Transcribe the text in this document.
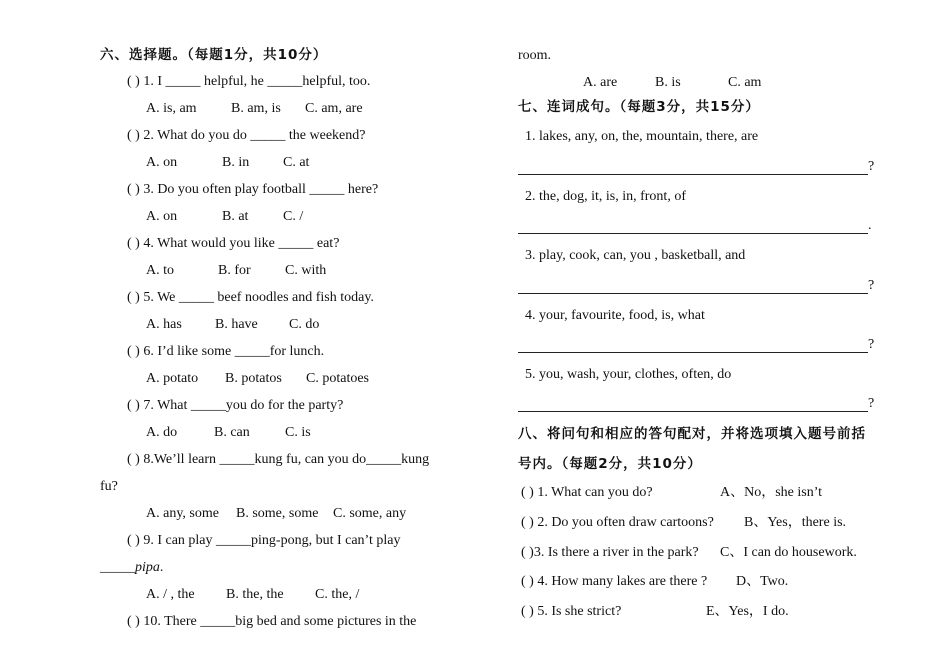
六、选择题。（每题1分，共10分）
( ) 1. I _____ helpful, he _____helpful, too.
A. is, am B. am, is C. am, are
( ) 2. What do you do _____ the weekend?
A. on	B. in C. at
( ) 3. Do you often play football _____ here?
A. on	B. at C. /
( ) 4. What would you like _____ eat?
A. to	B. for C. with
( ) 5. We _____ beef noodles and fish today.
A. has B. have C. do
( ) 6. I’d like some _____for lunch.
A. potato B. potatos C. potatoes
( ) 7. What _____you do for the party?
A. do	B. can	C. is
( ) 8.We’ll learn _____kung fu, can you do_____kung
fu?
A. any, some B. some, some C. some, any
( ) 9. I can play _____ping-pong, but I can’t play
_____pipa.
A. / , the B. the, the C. the, /
( ) 10. There _____big bed and some pictures in the
room.
A. are	B. is	C. am
七、连词成句。（每题3分，共15分）
1. lakes, any, on, the, mountain, there, are
?
2. the, dog, it, is, in, front, of
.
3. play, cook, can, you , basketball, and
?
4. your, favourite, food, is, what
?
5. you, wash, your, clothes, often, do
?
八、将问句和相应的答句配对，并将选项填入题号前括
号内。（每题2分，共10分）
( ) 1. What can you do?	A、No，she isn’t
( ) 2. Do you often draw cartoons? B、Yes，there is.
( )3. Is there a river in the park? C、I can do housework.
( ) 4. How many lakes are there ? D、Two.
( ) 5. Is she strict?	E、Yes，I do.
